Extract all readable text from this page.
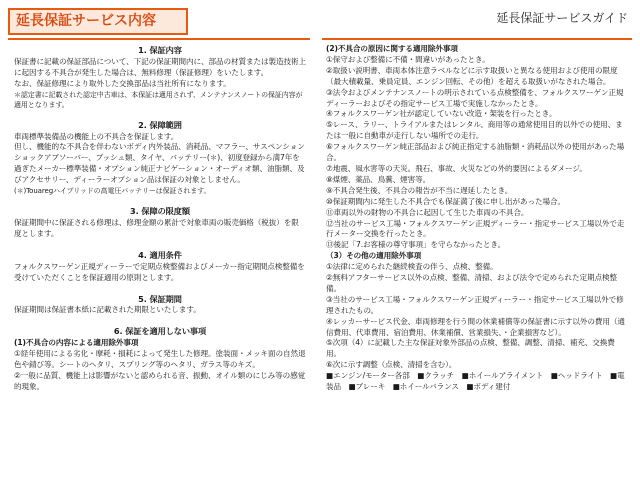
延長保証サービス内容	延長保証サービスガイド
1. 保証内容

保証書に記載の保証部品について、下記の保証期間内に、部品の材質または製造技術上に起因する不具合が発生した場合は、無料修理（保証修理）をいたします。

なお、保証修理により取外した交換部品は当社所有になります。

＊認定書に記載された認定中古車は、本保証は適用されず、メンテナンスノートの保証内容が適用となります。

2. 保障範囲

車両標準装備品の機能上の不具合を保証します。

但し、機能的な不具合を伴わないボディ内外装品、消耗品、マフラー、サスペンションショックアブソーバー、ブッシュ類、タイヤ、バッテリー(＊)、初度登録から満7年を過ぎたメーカー標準装備・オプション純正ナビゲーション・オーディオ類、油脂類、及びアクセサリー、ディーラーオプション品は保証の対象としません。

(＊)Touaregハイブリッドの高電圧バッテリーは保証されます。

3. 保障の限度額

保証期間中に保証される修理は、修理金額の累計で対象車両の販売価格（税抜）を限度とします。

4. 適用条件

フォルクスワーゲン正規ディーラーで定期点検整備およびメーカー指定期間点検整備を受けていただくことを保証適用の原則とします。

5. 保証期間

保証期間は保証書本紙に記載された期限といたします。

6. 保証を適用しない事項
(1)不具合の内容による適用除外事項

①経年使用による劣化・摩耗・損耗によって発生した修理。塗装面・メッキ面の自然退色や錆び等。シートのヘタリ、スプリング等のヘタリ、ガラス等のキズ。

②一般に品質、機能上は影響がないと認められる音、振動、オイル類のにじみ等の感覚的現象。

(2)不具合の原因に関する適用除外事項

①保守および整備に不備・間違いがあったとき。

②取扱い説明書、車両本体注意ラベルなどに示す取扱いと異なる使用および使用の限度（最大積載量、乗員定員、エンジン回転、その他）を超える取扱いがなされた場合。

③法令およびメンテナンスノートの明示されている点検整備を、フォルクスワーゲン正規ディーラーおよびその指定サービス工場で実施しなかったとき。

④フォルクスワーゲン社が認定していない改造・架装を行ったとき。

⑤レース、ラリー、トライアルまたはレンタル、商用等の通常使用目的以外での使用、または一般に自動車が走行しない場所での走行。

⑥フォルクスワーゲン純正部品および純正指定する油脂類・消耗品以外の使用があった場合。

⑦地震、風水害等の天災。飛石、事故、火災などの外的要因によるダメージ。

⑧煤煙、薬品、鳥糞、煙害等。

⑨不具合発生後、不具合の報告が不当に遅延したとき。

⑩保証期間内に発生した不具合でも保証満了後に申し出があった場合。

⑪車両以外の財物の不具合に起因して生じた車両の不具合。

⑫当社のサービス工場・フォルクスワーゲン正規ディーラー・指定サービス工場以外で走行メーター交換を行ったとき。

⑬後記「7.お客様の尊守事項」を守らなかったとき。

（3）その他の適用除外事項

①法律に定められた継続検査の伴う、点検、整備。

②無料アフターサービス以外の点検、整備、清掃、および法令で定められた定期点検整備。

③当社のサービス工場・フォルクスワーゲン正規ディーラー・指定サービス工場以外で修理されたもの。

④レッカーサービス代金、車両修理を行う間の休業補償等の保証書に示す以外の費用（通信費用、代車費用、宿泊費用、休業補償、営業損失、・企業損害など）。

⑤次項（4）に記載した主な保証対象外部品の点検、整備、調整、清掃、補充、交換費用。

⑥次に示す調整（点検、清掃を含む）。

■エンジン/モーター各部　■クラッチ　■ホイールアライメント　■ヘッドライト　■電装品　■ブレーキ　■ホイールバランス　■ボディ建付
